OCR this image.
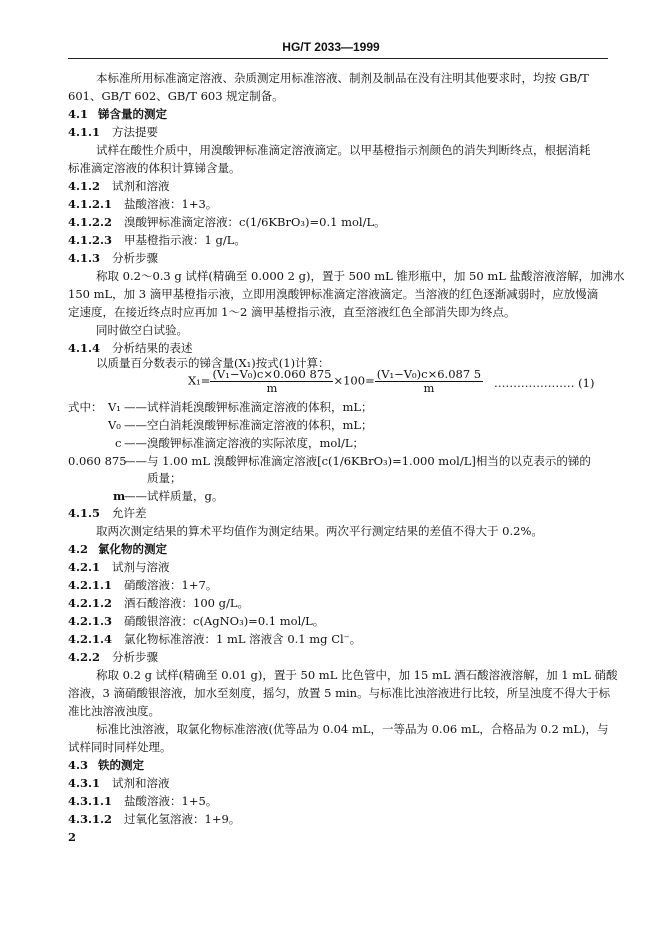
HG/T 2033—1999
本标准所用标准滴定溶液、杂质测定用标准溶液、制剂及制品在没有注明其他要求时，均按 GB/T
601、GB/T 602、GB/T 603 规定制备。
4.1 锑含量的测定
4.1.1 方法提要
试样在酸性介质中，用溴酸钾标准滴定溶液滴定。以甲基橙指示剂颜色的消失判断终点，根据消耗
标准滴定溶液的体积计算锑含量。
4.1.2 试剂和溶液
4.1.2.1 盐酸溶液：1+3。
4.1.2.2 溴酸钾标准滴定溶液：c(1/6KBrO₃)=0.1 mol/L。
4.1.2.3 甲基橙指示液：1 g/L。
4.1.3 分析步骤
称取 0.2～0.3 g 试样(精确至 0.000 2 g)，置于 500 mL 锥形瓶中，加 50 mL 盐酸溶液溶解，加沸水
150 mL，加 3 滴甲基橙指示液，立即用溴酸钾标准滴定溶液滴定。当溶液的红色逐渐减弱时，应放慢滴
定速度，在接近终点时应再加 1～2 滴甲基橙指示液，直至溶液红色全部消失即为终点。
同时做空白试验。
4.1.4 分析结果的表述
以质量百分数表示的锑含量(X₁)按式(1)计算：
$X_1= \frac{\text{(V₁−V₀)c×0.060 875}}{m} \times 100= \frac{\text{(V₁−V₀)c×6.087 5}}{m}$ ………………… (1)
式中： V₁ ——试样消耗溴酸钾标准滴定溶液的体积，mL；
V₀ ——空白消耗溴酸钾标准滴定溶液的体积，mL；
c ——溴酸钾标准滴定溶液的实际浓度，mol/L；
0.060 875
——与 1.00 mL 溴酸钾标准滴定溶液[c(1/6KBrO₃)=1.000 mol/L]相当的以克表示的锑的
质量；
m
——试样质量，g。
4.1.5 允许差
取两次测定结果的算术平均值作为测定结果。两次平行测定结果的差值不得大于 0.2%。
4.2 氯化物的测定
4.2.1 试剂与溶液
4.2.1.1 硝酸溶液：1+7。
4.2.1.2 酒石酸溶液：100 g/L。
4.2.1.3 硝酸银溶液：c(AgNO₃)=0.1 mol/L。
4.2.1.4 氯化物标准溶液：1 mL 溶液含 0.1 mg Cl⁻。
4.2.2 分析步骤
称取 0.2 g 试样(精确至 0.01 g)，置于 50 mL 比色管中，加 15 mL 酒石酸溶液溶解，加 1 mL 硝酸
溶液，3 滴硝酸银溶液，加水至刻度，摇匀，放置 5 min。与标准比浊溶液进行比较，所呈浊度不得大于标
准比浊溶液浊度。
标准比浊溶液，取氯化物标准溶液(优等品为 0.04 mL，一等品为 0.06 mL，合格品为 0.2 mL)，与
试样同时同样处理。
4.3 铁的测定
4.3.1 试剂和溶液
4.3.1.1 盐酸溶液：1+5。
4.3.1.2 过氧化氢溶液：1+9。
2
